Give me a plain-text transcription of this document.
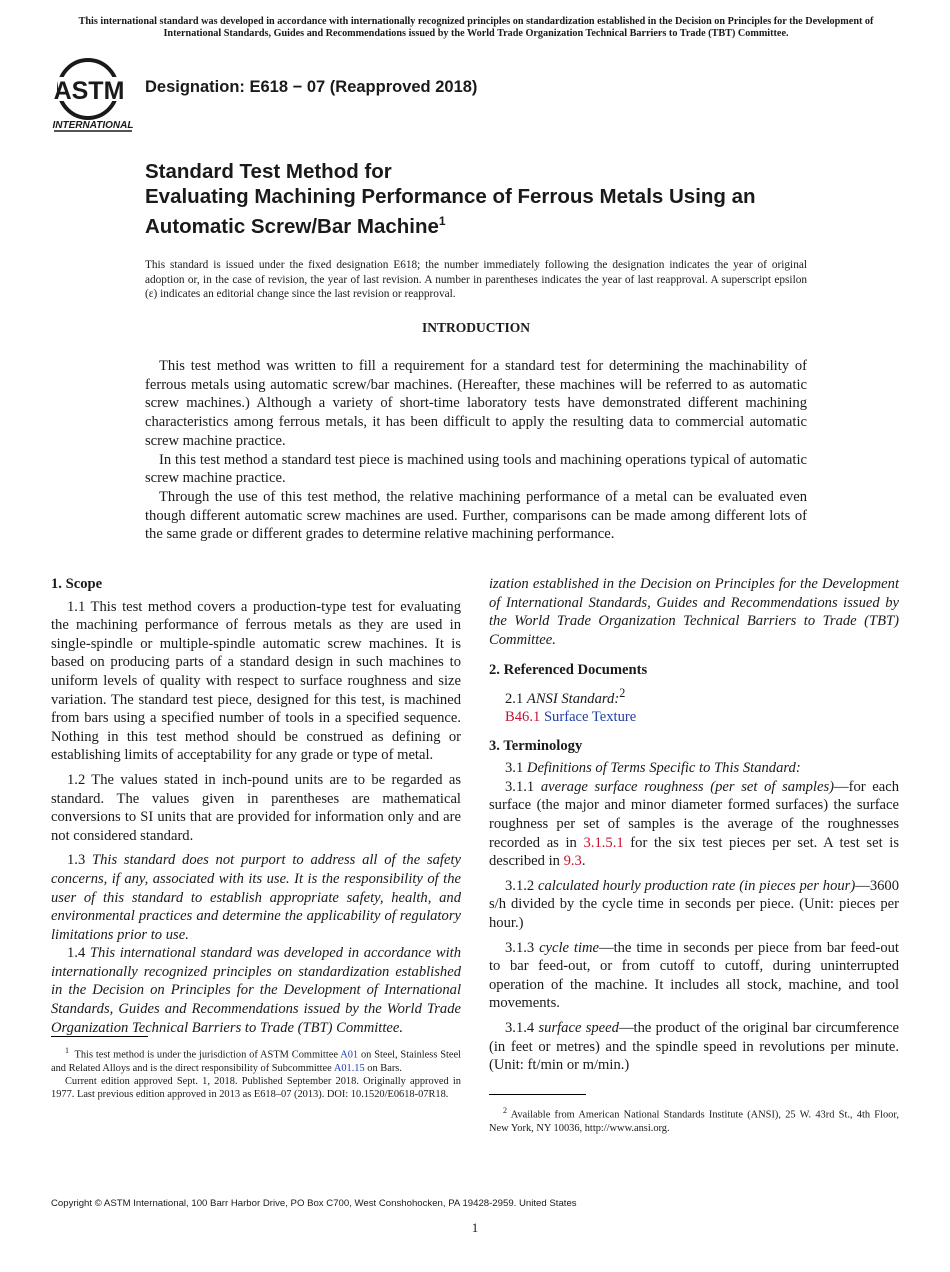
This international standard was developed in accordance with internationally recognized principles on standardization established in the Decision on Principles for the Development of International Standards, Guides and Recommendations issued by the World Trade Organization Technical Barriers to Trade (TBT) Committee.
ASTM
INTERNATIONAL
Designation: E618 − 07 (Reapproved 2018)
Standard Test Method for
Evaluating Machining Performance of Ferrous Metals Using an Automatic Screw/Bar Machine$^1$
This standard is issued under the fixed designation E618; the number immediately following the designation indicates the year of original adoption or, in the case of revision, the year of last revision. A number in parentheses indicates the year of last reapproval. A superscript epsilon (ε) indicates an editorial change since the last revision or reapproval.
INTRODUCTION

This test method was written to fill a requirement for a standard test for determining the machinability of ferrous metals using automatic screw/bar machines. (Hereafter, these machines will be referred to as automatic screw machines.) Although a variety of short-time laboratory tests have demonstrated different machining characteristics among ferrous metals, it has been difficult to apply the resulting data to commercial automatic screw machine practice.

In this test method a standard test piece is machined using tools and machining operations typical of automatic screw machine practice.

Through the use of this test method, the relative machining performance of a metal can be evaluated even though different automatic screw machines are used. Further, comparisons can be made among different lots of the same grade or different grades to determine relative machining performance.

1. Scope

1.1 This test method covers a production-type test for evaluating the machining performance of ferrous metals as they are used in single-spindle or multiple-spindle automatic screw machines. It is based on producing parts of a standard design in such machines to uniform levels of quality with respect to surface roughness and size variation. The standard test piece, designed for this test, is machined from bars using a specified number of tools in a specified sequence. Nothing in this test method should be construed as defining or establishing limits of acceptability for any grade or type of metal.

1.2 The values stated in inch-pound units are to be regarded as standard. The values given in parentheses are mathematical conversions to SI units that are provided for information only and are not considered standard.

1.3 This standard does not purport to address all of the safety concerns, if any, associated with its use. It is the responsibility of the user of this standard to establish appropriate safety, health, and environmental practices and determine the applicability of regulatory limitations prior to use.

1.4 This international standard was developed in accordance with internationally recognized principles on standardization established in the Decision on Principles for the Development of International Standards, Guides and Recommendations issued by the World Trade Organization Technical Barriers to Trade (TBT) Committee.

ization established in the Decision on Principles for the Development of International Standards, Guides and Recommendations issued by the World Trade Organization Technical Barriers to Trade (TBT) Committee.

2. Referenced Documents

2.1 ANSI Standard:$^2$

B46.1 Surface Texture

3. Terminology

3.1 Definitions of Terms Specific to This Standard:

3.1.1 average surface roughness (per set of samples)—for each surface (the major and minor diameter formed surfaces) the surface roughness per set of samples is the average of the roughnesses recorded as in 3.1.5.1 for the six test pieces per set. A test set is described in 9.3.

3.1.2 calculated hourly production rate (in pieces per hour)—3600 s/h divided by the cycle time in seconds per piece. (Unit: pieces per hour.)

3.1.3 cycle time—the time in seconds per piece from bar feed-out to bar feed-out, or from cutoff to cutoff, during uninterrupted operation of the machine. It includes all stock, machine, and tool movements.

3.1.4 surface speed—the product of the original bar circumference (in feet or metres) and the spindle speed in revolutions per minute. (Unit: ft/min or m/min.)

$^1$ This test method is under the jurisdiction of ASTM Committee A01 on Steel, Stainless Steel and Related Alloys and is the direct responsibility of Subcommittee A01.15 on Bars.

Current edition approved Sept. 1, 2018. Published September 2018. Originally approved in 1977. Last previous edition approved in 2013 as E618–07 (2013). DOI: 10.1520/E0618-07R18.

$^2$ Available from American National Standards Institute (ANSI), 25 W. 43rd St., 4th Floor, New York, NY 10036, http://www.ansi.org.

Copyright © ASTM International, 100 Barr Harbor Drive, PO Box C700, West Conshohocken, PA 19428-2959. United States
1
